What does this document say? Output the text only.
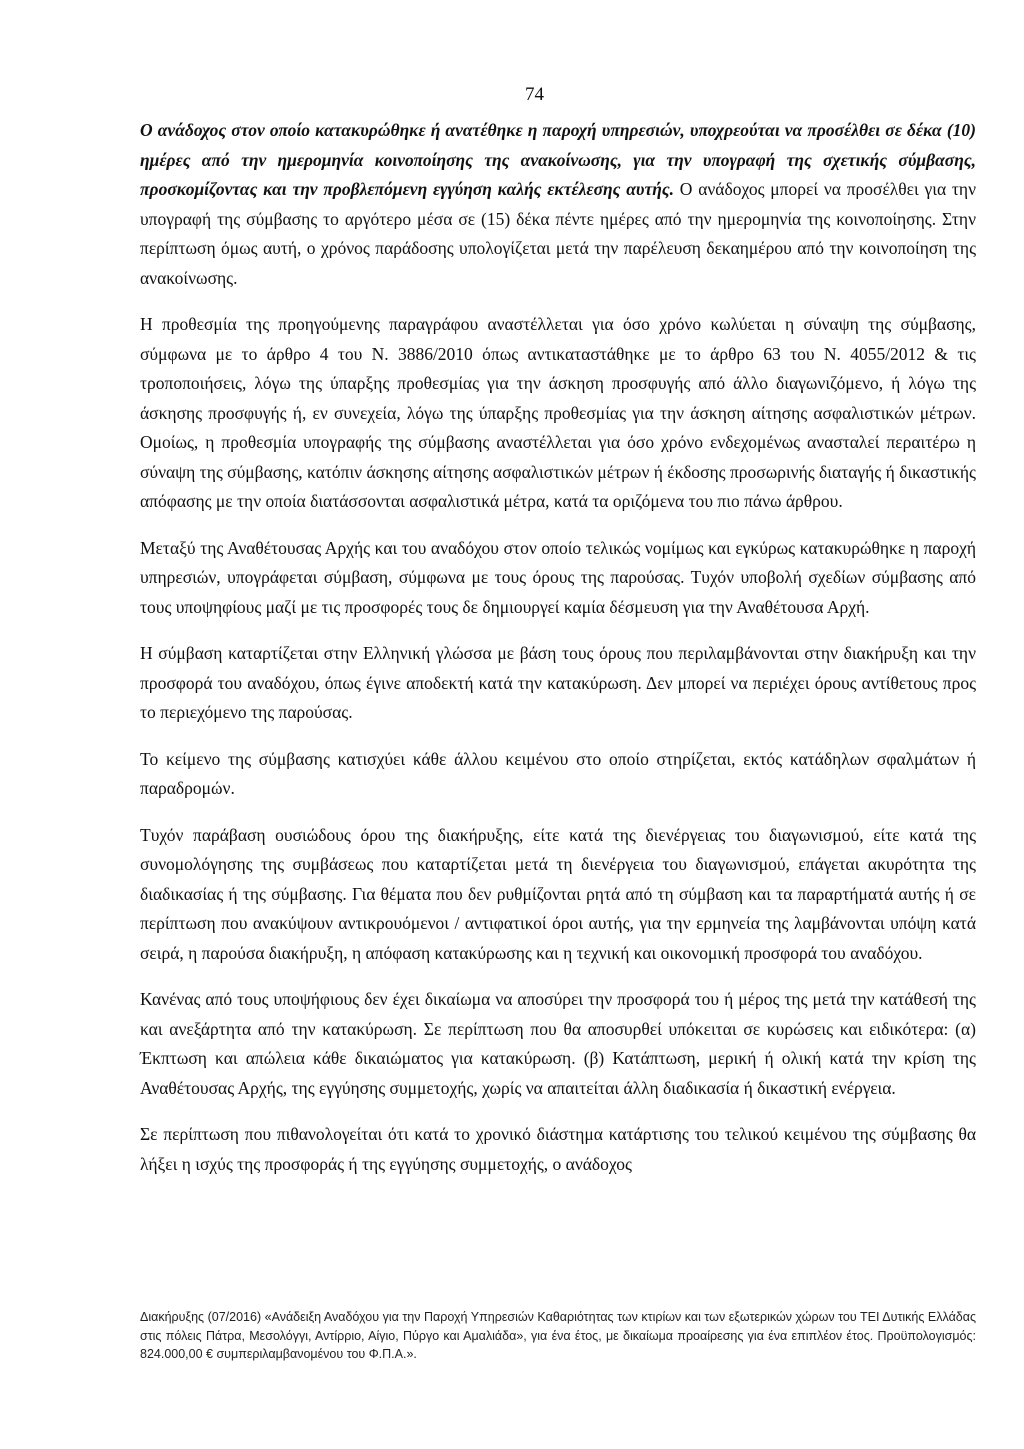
74

Ο ανάδοχος στον οποίο κατακυρώθηκε ή ανατέθηκε η παροχή υπηρεσιών, υποχρεούται να προσέλθει σε δέκα (10) ημέρες από την ημερομηνία κοινοποίησης της ανακοίνωσης, για την υπογραφή της σχετικής σύμβασης, προσκομίζοντας και την προβλεπόμενη εγγύηση καλής εκτέλεσης αυτής. Ο ανάδοχος μπορεί να προσέλθει για την υπογραφή της σύμβασης το αργότερο μέσα σε (15) δέκα πέντε ημέρες από την ημερομηνία της κοινοποίησης. Στην περίπτωση όμως αυτή, ο χρόνος παράδοσης υπολογίζεται μετά την παρέλευση δεκαημέρου από την κοινοποίηση της ανακοίνωσης.

Η προθεσμία της προηγούμενης παραγράφου αναστέλλεται για όσο χρόνο κωλύεται η σύναψη της σύμβασης, σύμφωνα με το άρθρο 4 του Ν. 3886/2010 όπως αντικαταστάθηκε με το άρθρο 63 του Ν. 4055/2012 & τις τροποποιήσεις, λόγω της ύπαρξης προθεσμίας για την άσκηση προσφυγής από άλλο διαγωνιζόμενο, ή λόγω της άσκησης προσφυγής ή, εν συνεχεία, λόγω της ύπαρξης προθεσμίας για την άσκηση αίτησης ασφαλιστικών μέτρων. Ομοίως, η προθεσμία υπογραφής της σύμβασης αναστέλλεται για όσο χρόνο ενδεχομένως ανασταλεί περαιτέρω η σύναψη της σύμβασης, κατόπιν άσκησης αίτησης ασφαλιστικών μέτρων ή έκδοσης προσωρινής διαταγής ή δικαστικής απόφασης με την οποία διατάσσονται ασφαλιστικά μέτρα, κατά τα οριζόμενα του πιο πάνω άρθρου.

Μεταξύ της Αναθέτουσας Αρχής και του αναδόχου στον οποίο τελικώς νομίμως και εγκύρως κατακυρώθηκε η παροχή υπηρεσιών, υπογράφεται σύμβαση, σύμφωνα με τους όρους της παρούσας. Τυχόν υποβολή σχεδίων σύμβασης από τους υποψηφίους μαζί με τις προσφορές τους δε δημιουργεί καμία δέσμευση για την Αναθέτουσα Αρχή.

Η σύμβαση καταρτίζεται στην Ελληνική γλώσσα με βάση τους όρους που περιλαμβάνονται στην διακήρυξη και την προσφορά του αναδόχου, όπως έγινε αποδεκτή κατά την κατακύρωση. Δεν μπορεί να περιέχει όρους αντίθετους προς το περιεχόμενο της παρούσας.

Το κείμενο της σύμβασης κατισχύει κάθε άλλου κειμένου στο οποίο στηρίζεται, εκτός κατάδηλων σφαλμάτων ή παραδρομών.

Τυχόν παράβαση ουσιώδους όρου της διακήρυξης, είτε κατά της διενέργειας του διαγωνισμού, είτε κατά της συνομολόγησης της συμβάσεως που καταρτίζεται μετά τη διενέργεια του διαγωνισμού, επάγεται ακυρότητα της διαδικασίας ή της σύμβασης. Για θέματα που δεν ρυθμίζονται ρητά από τη σύμβαση και τα παραρτήματά αυτής ή σε περίπτωση που ανακύψουν αντικρουόμενοι / αντιφατικοί όροι αυτής, για την ερμηνεία της λαμβάνονται υπόψη κατά σειρά, η παρούσα διακήρυξη, η απόφαση κατακύρωσης και η τεχνική και οικονομική προσφορά του αναδόχου.

Κανένας από τους υποψήφιους δεν έχει δικαίωμα να αποσύρει την προσφορά του ή μέρος της μετά την κατάθεσή της και ανεξάρτητα από την κατακύρωση. Σε περίπτωση που θα αποσυρθεί υπόκειται σε κυρώσεις και ειδικότερα: (α) Έκπτωση και απώλεια κάθε δικαιώματος για κατακύρωση. (β) Κατάπτωση, μερική ή ολική κατά την κρίση της Αναθέτουσας Αρχής, της εγγύησης συμμετοχής, χωρίς να απαιτείται άλλη διαδικασία ή δικαστική ενέργεια.

Σε περίπτωση που πιθανολογείται ότι κατά το χρονικό διάστημα κατάρτισης του τελικού κειμένου της σύμβασης θα λήξει η ισχύς της προσφοράς ή της εγγύησης συμμετοχής, ο ανάδοχος

Διακήρυξης (07/2016) «Ανάδειξη Αναδόχου για την Παροχή Υπηρεσιών Καθαριότητας των κτιρίων και των εξωτερικών χώρων του ΤΕΙ Δυτικής Ελλάδας στις πόλεις Πάτρα, Μεσολόγγι, Αντίρριο, Αίγιο, Πύργο και Αμαλιάδα», για ένα έτος, με δικαίωμα προαίρεσης για ένα επιπλέον έτος. Προϋπολογισμός: 824.000,00 € συμπεριλαμβανομένου του Φ.Π.Α.».
